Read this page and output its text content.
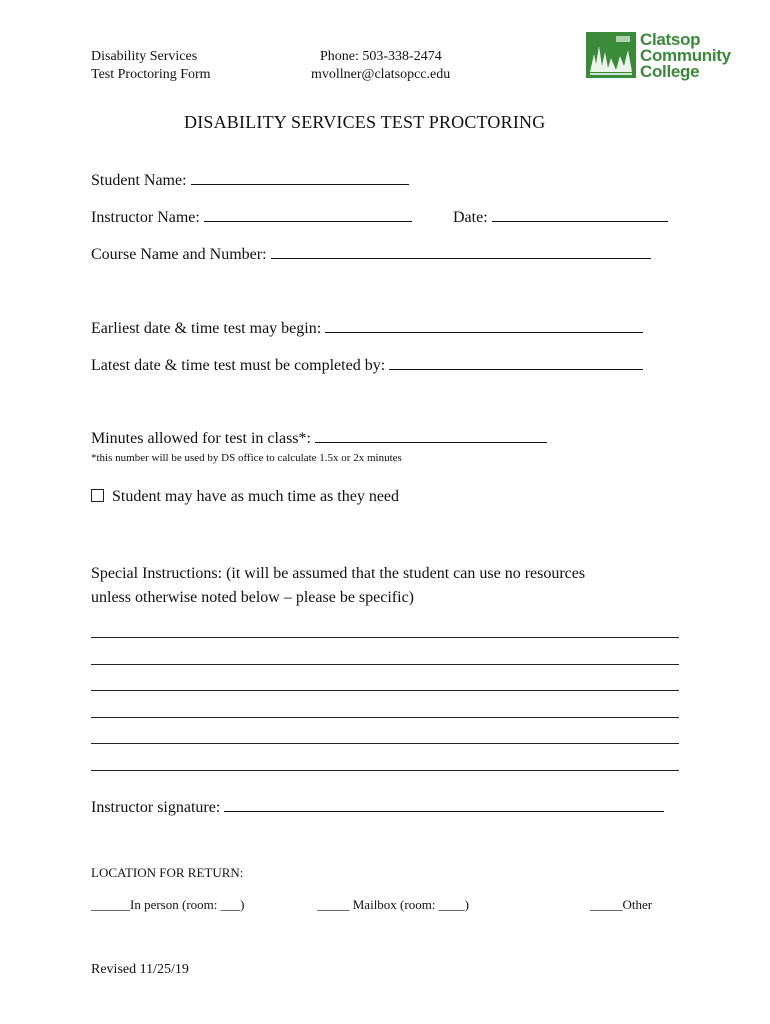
Disability Services
Test Proctoring Form
Phone: 503-338-2474
mvollner@clatsopcc.edu
Clatsop
Community
College
DISABILITY SERVICES TEST PROCTORING
Student Name:
Instructor Name:	Date:
Course Name and Number:
Earliest date & time test may begin:
Latest date & time test must be completed by:
Minutes allowed for test in class*:
*this number will be used by DS office to calculate 1.5x or 2x minutes
Student may have as much time as they need
Special Instructions: (it will be assumed that the student can use no resources
unless otherwise noted below – please be specific)
Instructor signature:
LOCATION FOR RETURN:
______In person (room: ___)	_____ Mailbox (room: ____)	_____Other
Revised 11/25/19
